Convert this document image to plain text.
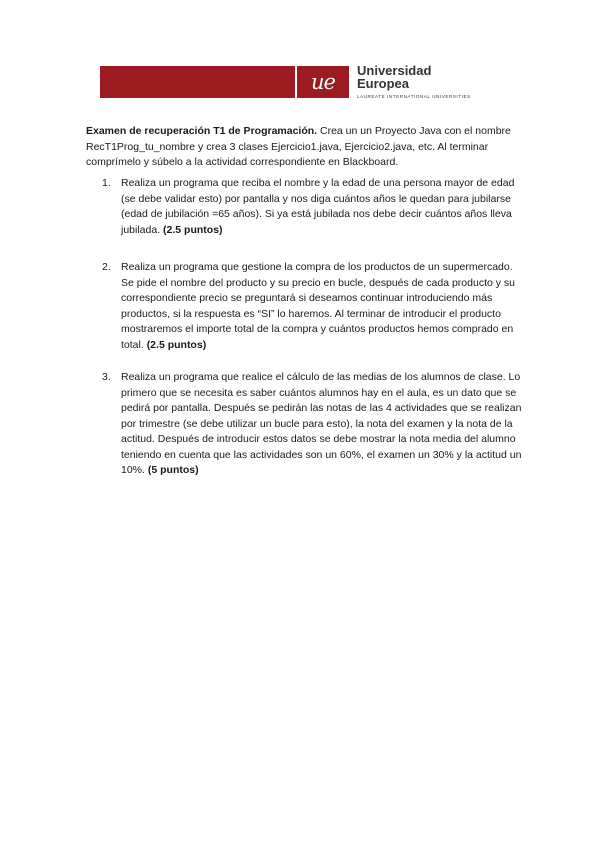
ue Universidad
Europea
LAUREATE INTERNATIONAL UNIVERSITIES

Examen de recuperación T1 de Programación. Crea un un Proyecto Java con el nombre RecT1Prog_tu_nombre y crea 3 clases Ejercicio1.java, Ejercicio2.java, etc. Al terminar comprímelo y súbelo a la actividad correspondiente en Blackboard.

1. Realiza un programa que reciba el nombre y la edad de una persona mayor de edad (se debe validar esto) por pantalla y nos diga cuántos años le quedan para jubilarse (edad de jubilación =65 años). Si ya está jubilada nos debe decir cuántos años lleva jubilada. (2.5 puntos)
2. Realiza un programa que gestione la compra de los productos de un supermercado. Se pide el nombre del producto y su precio en bucle, después de cada producto y su correspondiente precio se preguntará si deseamos continuar introduciendo más productos, si la respuesta es “SI” lo haremos. Al terminar de introducir el producto mostraremos el importe total de la compra y cuántos productos hemos comprado en total. (2.5 puntos)
3. Realiza un programa que realice el cálculo de las medias de los alumnos de clase. Lo primero que se necesita es saber cuántos alumnos hay en el aula, es un dato que se pedirá por pantalla. Después se pedirán las notas de las 4 actividades que se realizan por trimestre (se debe utilizar un bucle para esto), la nota del examen y la nota de la actitud. Después de introducir estos datos se debe mostrar la nota media del alumno teniendo en cuenta que las actividades son un 60%, el examen un 30% y la actitud un 10%. (5 puntos)
